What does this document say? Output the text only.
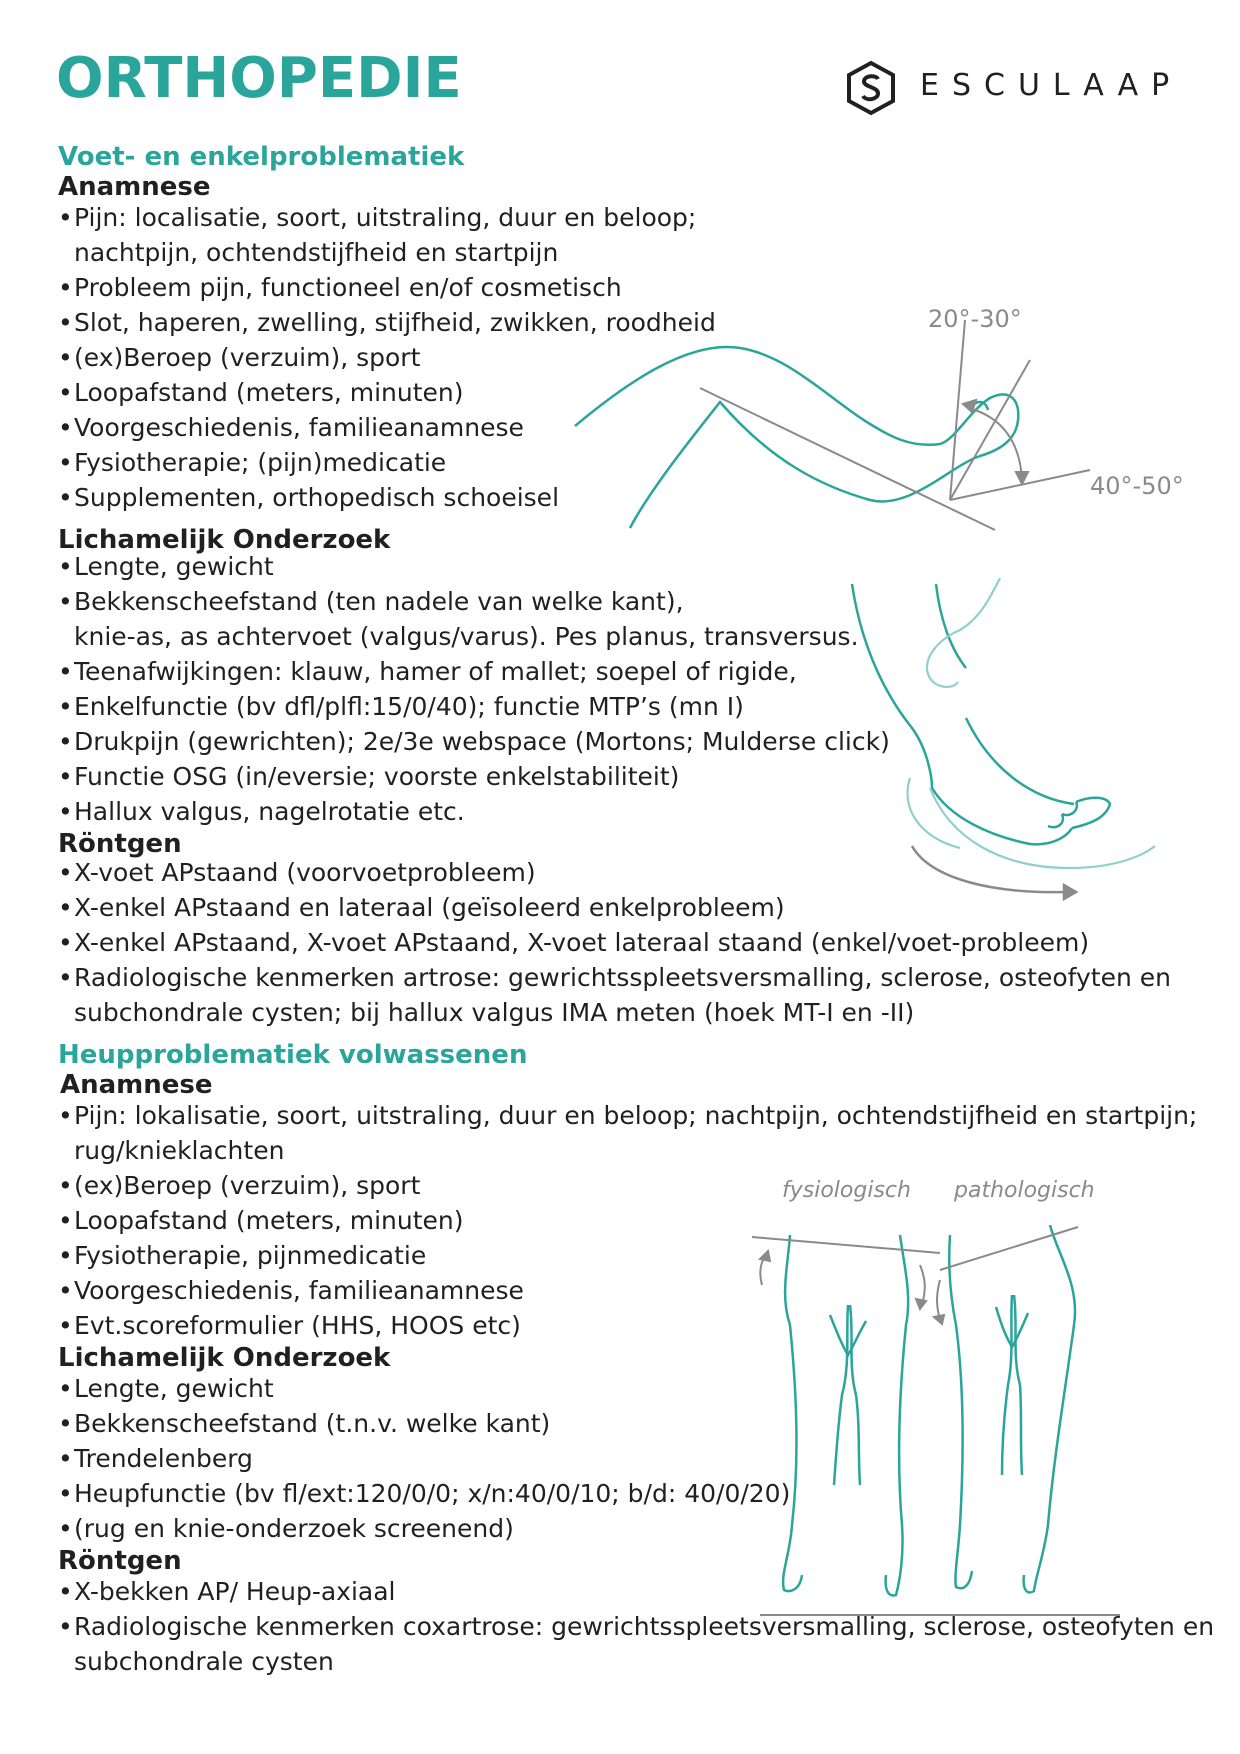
ORTHOPEDIE	ESCULAAP
Voet- en enkelproblematiek
Anamnese
• Pijn: localisatie, soort, uitstraling, duur en beloop;
nachtpijn, ochtendstijfheid en startpijn
• Probleem pijn, functioneel en/of cosmetisch
• Slot, haperen, zwelling, stijfheid, zwikken, roodheid
• (ex)Beroep (verzuim), sport
• Loopafstand (meters, minuten)
• Voorgeschiedenis, familieanamnese
• Fysiotherapie; (pijn)medicatie
• Supplementen, orthopedisch schoeisel
Lichamelijk Onderzoek
• Lengte, gewicht
• Bekkenscheefstand (ten nadele van welke kant),
knie-as, as achtervoet (valgus/varus). Pes planus, transversus.
• Teenafwijkingen: klauw, hamer of mallet; soepel of rigide,
• Enkelfunctie (bv dfl/plfl:15/0/40); functie MTP’s (mn I)
• Drukpijn (gewrichten); 2e/3e webspace (Mortons; Mulderse click)
• Functie OSG (in/eversie; voorste enkelstabiliteit)
• Hallux valgus, nagelrotatie etc.
Röntgen
• X-voet APstaand (voorvoetprobleem)
• X-enkel APstaand en lateraal (geïsoleerd enkelprobleem)
• X-enkel APstaand, X-voet APstaand, X-voet lateraal staand (enkel/voet-probleem)
• Radiologische kenmerken artrose: gewrichtsspleetsversmalling, sclerose, osteofyten en
subchondrale cysten; bij hallux valgus IMA meten (hoek MT-I en -II)
Heupproblematiek volwassenen
Anamnese
• Pijn: lokalisatie, soort, uitstraling, duur en beloop; nachtpijn, ochtendstijfheid en startpijn;
rug/knieklachten
• (ex)Beroep (verzuim), sport
• Loopafstand (meters, minuten)
• Fysiotherapie, pijnmedicatie
• Voorgeschiedenis, familieanamnese
• Evt.scoreformulier (HHS, HOOS etc)
Lichamelijk Onderzoek
• Lengte, gewicht
• Bekkenscheefstand (t.n.v. welke kant)
• Trendelenberg
• Heupfunctie (bv fl/ext:120/0/0; x/n:40/0/10; b/d: 40/0/20)
• (rug en knie-onderzoek screenend)
Röntgen
• X-bekken AP/ Heup-axiaal
• Radiologische kenmerken coxartrose: gewrichtsspleetsversmalling, sclerose, osteofyten en
subchondrale cysten
20°-30°
40°-50°
fysiologisch pathologisch
